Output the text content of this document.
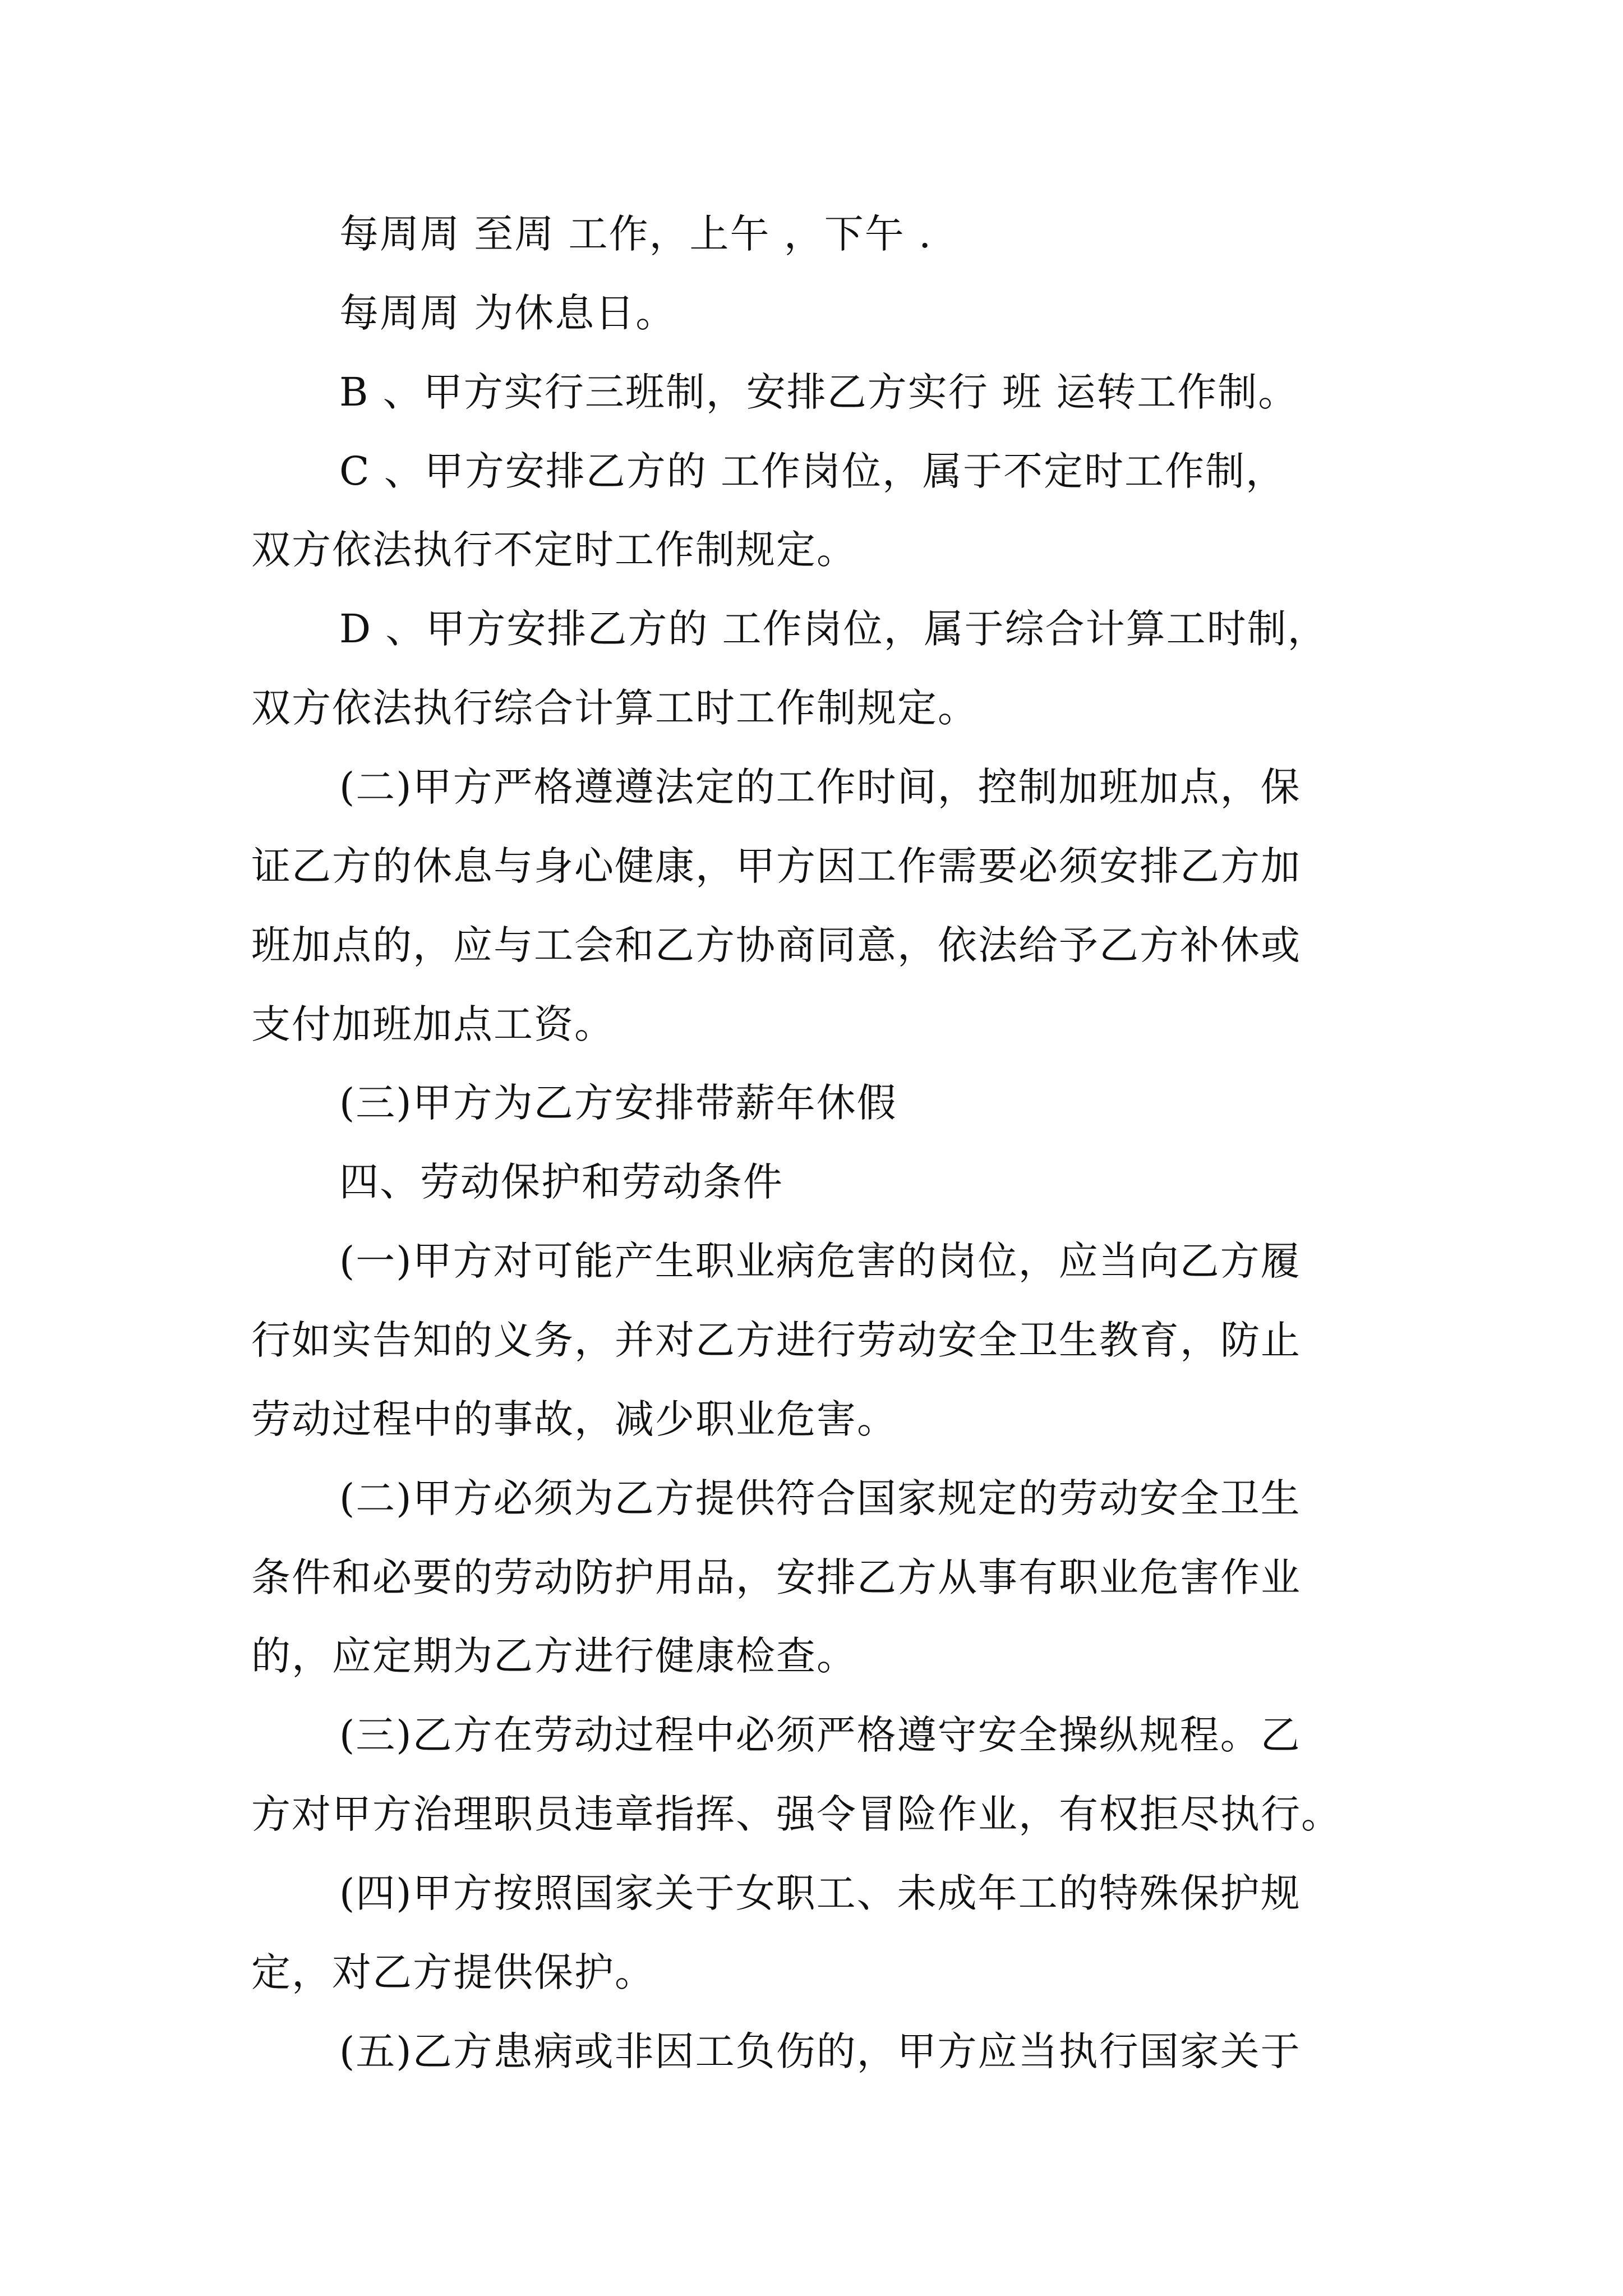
每周周 至周 工作，上午 ，下午 .

每周周 为休息日。

B 、甲方实行三班制，安排乙方实行 班 运转工作制。

C 、甲方安排乙方的 工作岗位，属于不定时工作制，

双方依法执行不定时工作制规定。

D 、甲方安排乙方的 工作岗位，属于综合计算工时制，

双方依法执行综合计算工时工作制规定。

(二)甲方严格遵遵法定的工作时间，控制加班加点，保

证乙方的休息与身心健康，甲方因工作需要必须安排乙方加

班加点的，应与工会和乙方协商同意，依法给予乙方补休或

支付加班加点工资。

(三)甲方为乙方安排带薪年休假

四、劳动保护和劳动条件

(一)甲方对可能产生职业病危害的岗位，应当向乙方履

行如实告知的义务，并对乙方进行劳动安全卫生教育，防止

劳动过程中的事故，减少职业危害。

(二)甲方必须为乙方提供符合国家规定的劳动安全卫生

条件和必要的劳动防护用品，安排乙方从事有职业危害作业

的，应定期为乙方进行健康检查。

(三)乙方在劳动过程中必须严格遵守安全操纵规程。乙

方对甲方治理职员违章指挥、强令冒险作业，有权拒尽执行。

(四)甲方按照国家关于女职工、未成年工的特殊保护规

定，对乙方提供保护。

(五)乙方患病或非因工负伤的，甲方应当执行国家关于
